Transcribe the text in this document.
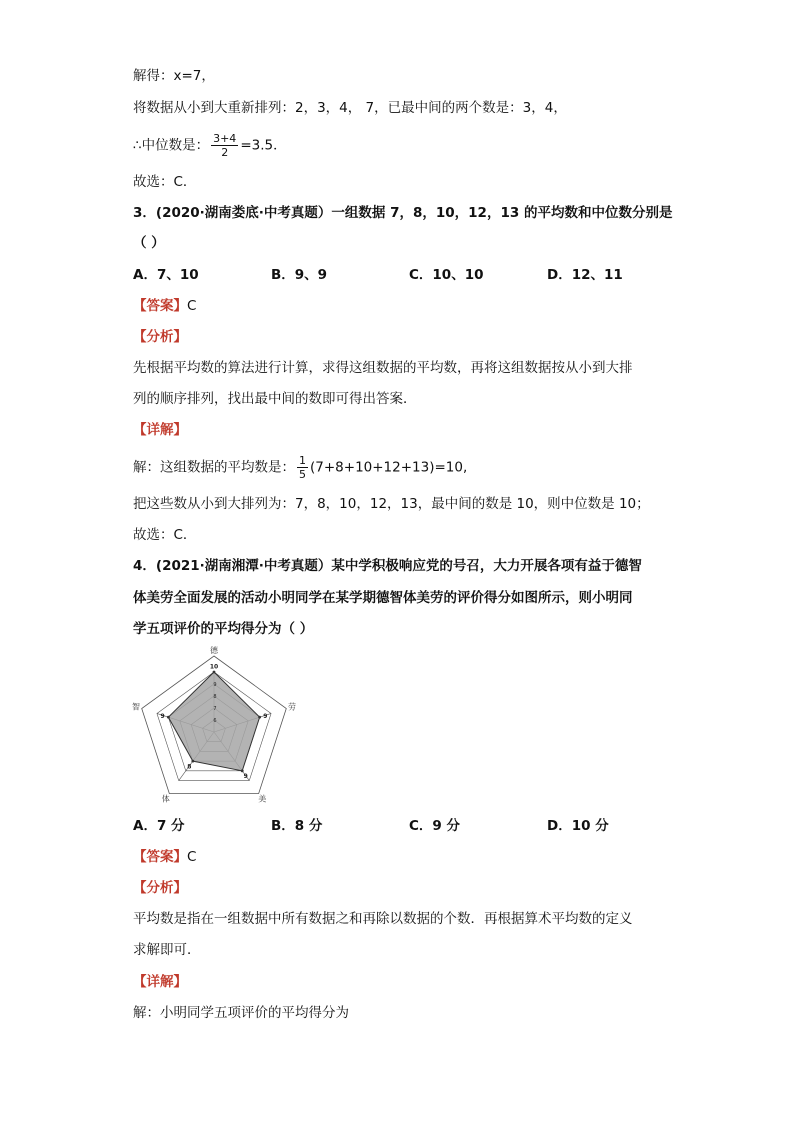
解得：x=7，
将数据从小到大重新排列：2，3，4， 7，已最中间的两个数是：3，4，
∴中位数是： $\frac{3+4}{2} =3.5$．
故选：C．
3．(2020·湖南娄底·中考真题）一组数据 7，8，10，12，13 的平均数和中位数分别是
（ ）
A．7、10	B．9、9	C．10、10	D．12、11
【答案】C
【分析】
先根据平均数的算法进行计算，求得这组数据的平均数，再将这组数据按从小到大排
列的顺序排列，找出最中间的数即可得出答案．
【详解】
解：这组数据的平均数是： $\frac{1}{5} (7+8+10+12+13)=10$,
把这些数从小到大排列为：7，8，10，12，13，最中间的数是 10，则中位数是 10；
故选：C．
4．(2021·湖南湘潭·中考真题）某中学积极响应党的号召，大力开展各项有益于德智
体美劳全面发展的活动小明同学在某学期德智体美劳的评价得分如图所示，则小明同
学五项评价的平均得分为（ ）
德
劳
美
体
智
10
9
9
8
9
6
7
8
9
A．7 分	B．8 分	C．9 分	D．10 分
【答案】C
【分析】
平均数是指在一组数据中所有数据之和再除以数据的个数．再根据算术平均数的定义
求解即可．
【详解】
解：小明同学五项评价的平均得分为
